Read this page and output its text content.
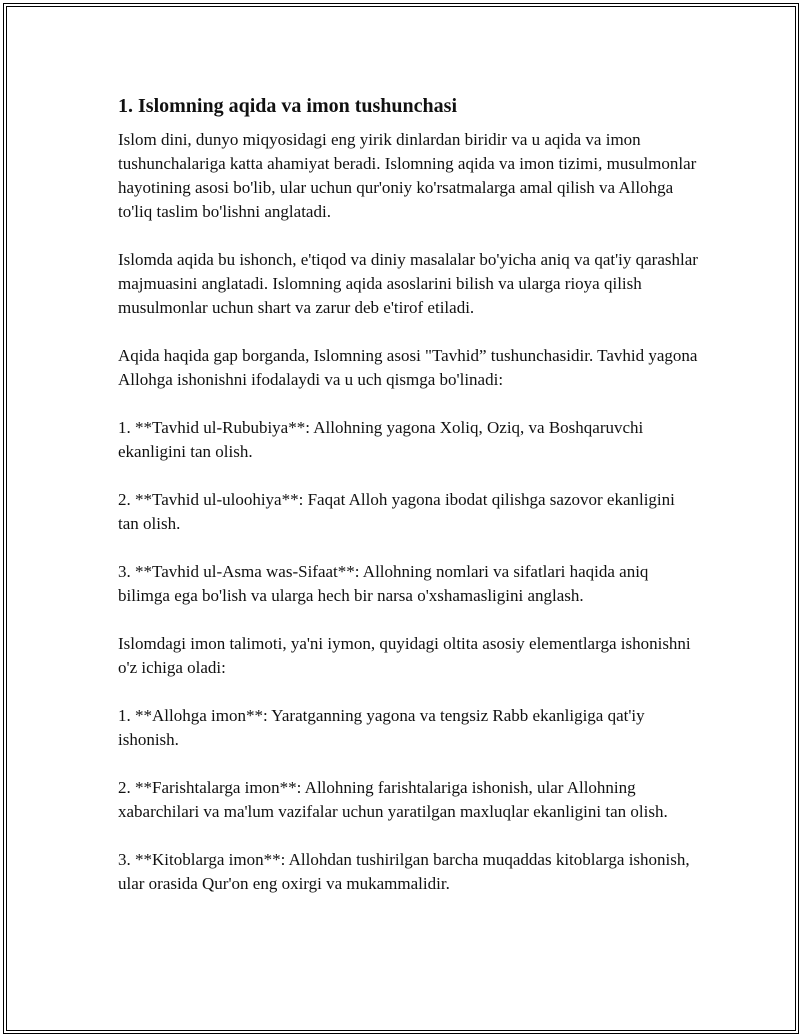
1. Islomning aqida va imon tushunchasi

Islom dini, dunyo miqyosidagi eng yirik dinlardan biridir va u aqida va imon tushunchalariga katta ahamiyat beradi. Islomning aqida va imon tizimi, musulmonlar hayotining asosi bo'lib, ular uchun qur'oniy ko'rsatmalarga amal qilish va Allohga to'liq taslim bo'lishni anglatadi.

Islomda aqida bu ishonch, e'tiqod va diniy masalalar bo'yicha aniq va qat'iy qarashlar majmuasini anglatadi. Islomning aqida asoslarini bilish va ularga rioya qilish musulmonlar uchun shart va zarur deb e'tirof etiladi.

Aqida haqida gap borganda, Islomning asosi "Tavhid” tushunchasidir. Tavhid yagona Allohga ishonishni ifodalaydi va u uch qismga bo'linadi:

1. **Tavhid ul-Rububiya**: Allohning yagona Xoliq, Oziq, va Boshqaruvchi ekanligini tan olish.

2. **Tavhid ul-uloohiya**: Faqat Alloh yagona ibodat qilishga sazovor ekanligini tan olish.

3. **Tavhid ul-Asma was-Sifaat**: Allohning nomlari va sifatlari haqida aniq bilimga ega bo'lish va ularga hech bir narsa o'xshamasligini anglash.

Islomdagi imon talimoti, ya'ni iymon, quyidagi oltita asosiy elementlarga ishonishni o'z ichiga oladi:

1. **Allohga imon**: Yaratganning yagona va tengsiz Rabb ekanligiga qat'iy ishonish.

2. **Farishtalarga imon**: Allohning farishtalariga ishonish, ular Allohning xabarchilari va ma'lum vazifalar uchun yaratilgan maxluqlar ekanligini tan olish.

3. **Kitoblarga imon**: Allohdan tushirilgan barcha muqaddas kitoblarga ishonish, ular orasida Qur'on eng oxirgi va mukammalidir.
